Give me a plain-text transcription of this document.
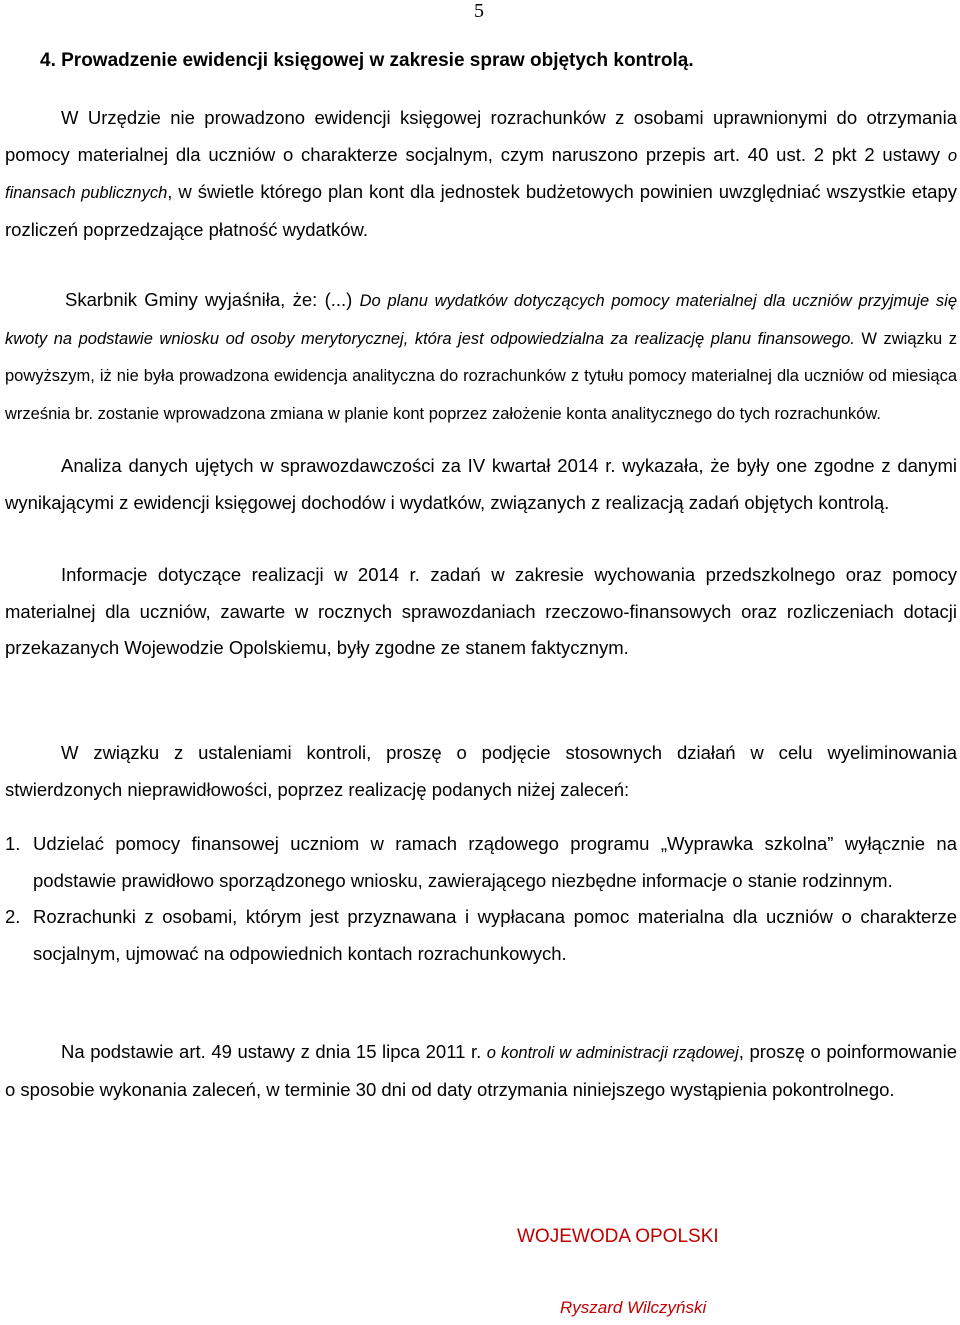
5
4. Prowadzenie ewidencji księgowej w zakresie spraw objętych kontrolą.

W Urzędzie nie prowadzono ewidencji księgowej rozrachunków z osobami uprawnionymi do otrzymania pomocy materialnej dla uczniów o charakterze socjalnym, czym naruszono przepis art. 40 ust. 2 pkt 2 ustawy o finansach publicznych, w świetle którego plan kont dla jednostek budżetowych powinien uwzględniać wszystkie etapy rozliczeń poprzedzające płatność wydatków.

Skarbnik Gminy wyjaśniła, że: (...) Do planu wydatków dotyczących pomocy materialnej dla uczniów przyjmuje się kwoty na podstawie wniosku od osoby merytorycznej, która jest odpowiedzialna za realizację planu finansowego. W związku z powyższym, iż nie była prowadzona ewidencja analityczna do rozrachunków z tytułu pomocy materialnej dla uczniów od miesiąca września br. zostanie wprowadzona zmiana w planie kont poprzez założenie konta analitycznego do tych rozrachunków.

Analiza danych ujętych w sprawozdawczości za IV kwartał 2014 r. wykazała, że były one zgodne z danymi wynikającymi z ewidencji księgowej dochodów i wydatków, związanych z realizacją zadań objętych kontrolą.

Informacje dotyczące realizacji w 2014 r. zadań w zakresie wychowania przedszkolnego oraz pomocy materialnej dla uczniów, zawarte w rocznych sprawozdaniach rzeczowo-finansowych oraz rozliczeniach dotacji przekazanych Wojewodzie Opolskiemu, były zgodne ze stanem faktycznym.

W związku z ustaleniami kontroli, proszę o podjęcie stosownych działań w celu wyeliminowania stwierdzonych nieprawidłowości, poprzez realizację podanych niżej zaleceń:

1. Udzielać pomocy finansowej uczniom w ramach rządowego programu „Wyprawka szkolna” wyłącznie na podstawie prawidłowo sporządzonego wniosku, zawierającego niezbędne informacje o stanie rodzinnym.
2. Rozrachunki z osobami, którym jest przyznawana i wypłacana pomoc materialna dla uczniów o charakterze socjalnym, ujmować na odpowiednich kontach rozrachunkowych.

Na podstawie art. 49 ustawy z dnia 15 lipca 2011 r. o kontroli w administracji rządowej, proszę o poinformowanie o sposobie wykonania zaleceń, w terminie 30 dni od daty otrzymania niniejszego wystąpienia pokontrolnego.

WOJEWODA OPOLSKI
Ryszard Wilczyński
